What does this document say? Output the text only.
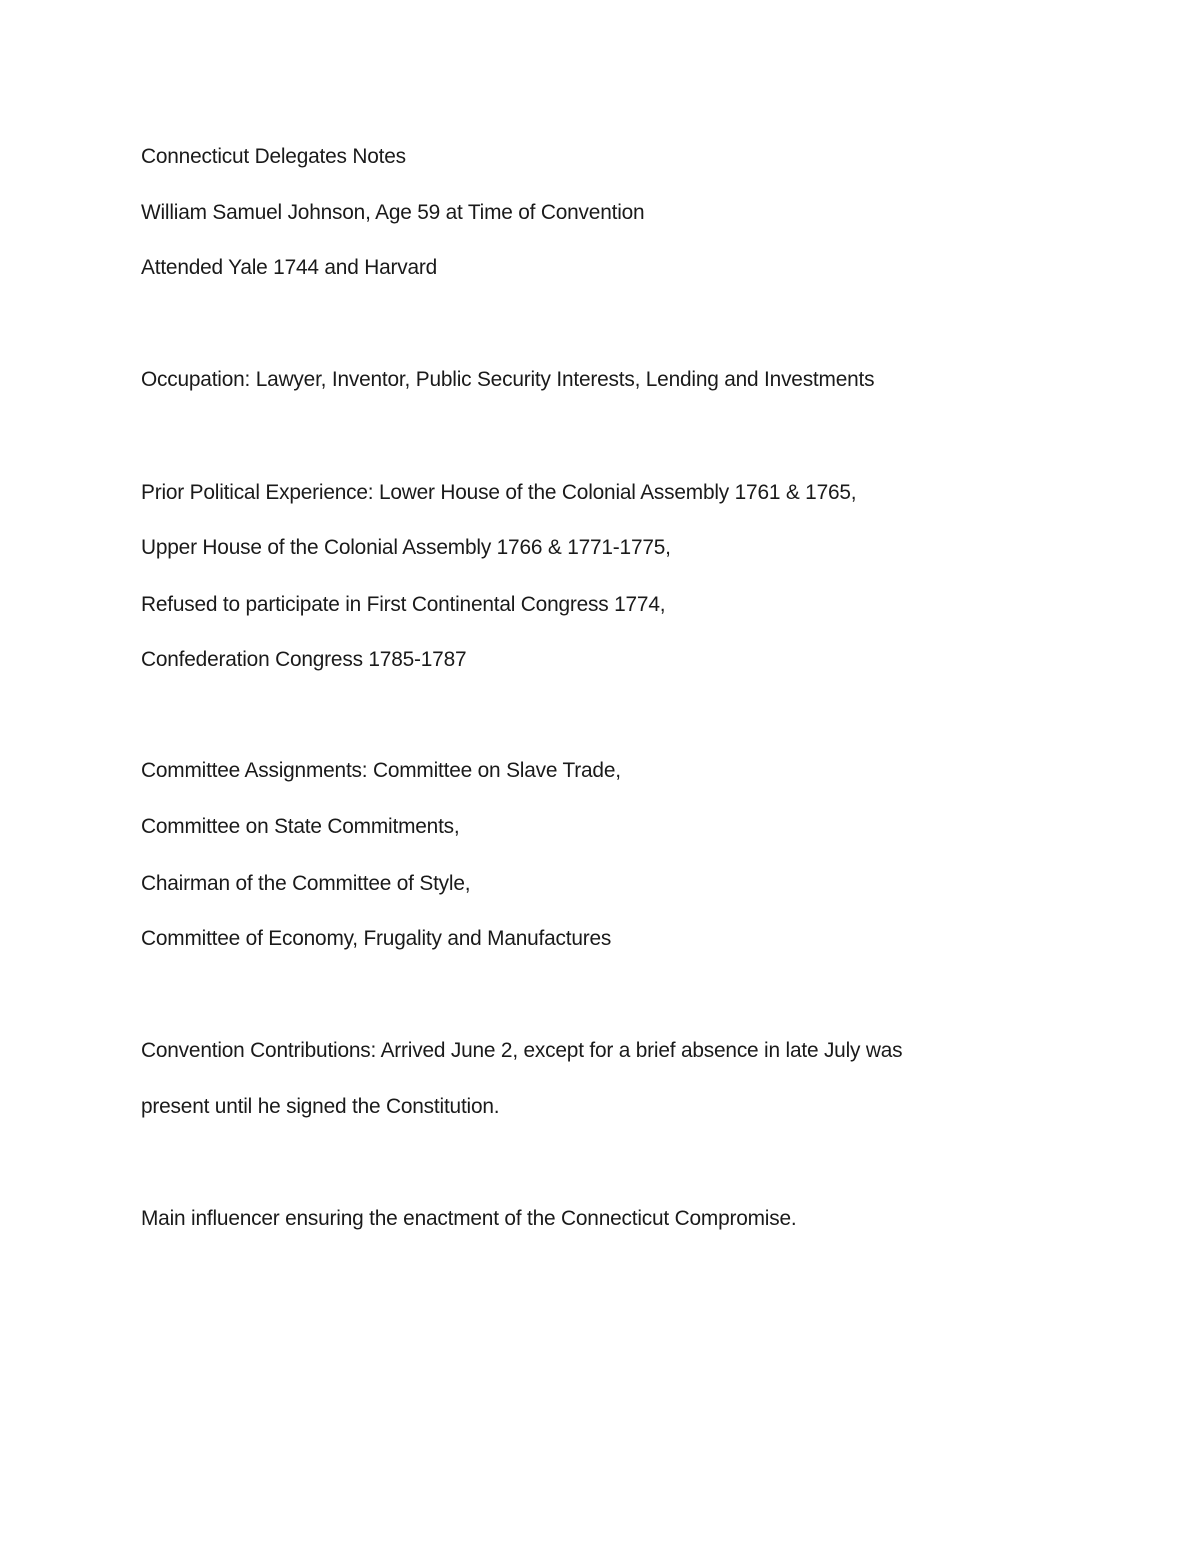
Connecticut Delegates Notes
William Samuel Johnson, Age 59 at Time of Convention
Attended Yale 1744 and Harvard
Occupation: Lawyer, Inventor, Public Security Interests, Lending and Investments
Prior Political Experience: Lower House of the Colonial Assembly 1761 & 1765,
Upper House of the Colonial Assembly 1766 & 1771-1775,
Refused to participate in First Continental Congress 1774,
Confederation Congress 1785-1787
Committee Assignments: Committee on Slave Trade,
Committee on State Commitments,
Chairman of the Committee of Style,
Committee of Economy, Frugality and Manufactures
Convention Contributions: Arrived June 2, except for a brief absence in late July was
present until he signed the Constitution.
Main influencer ensuring the enactment of the Connecticut Compromise.
